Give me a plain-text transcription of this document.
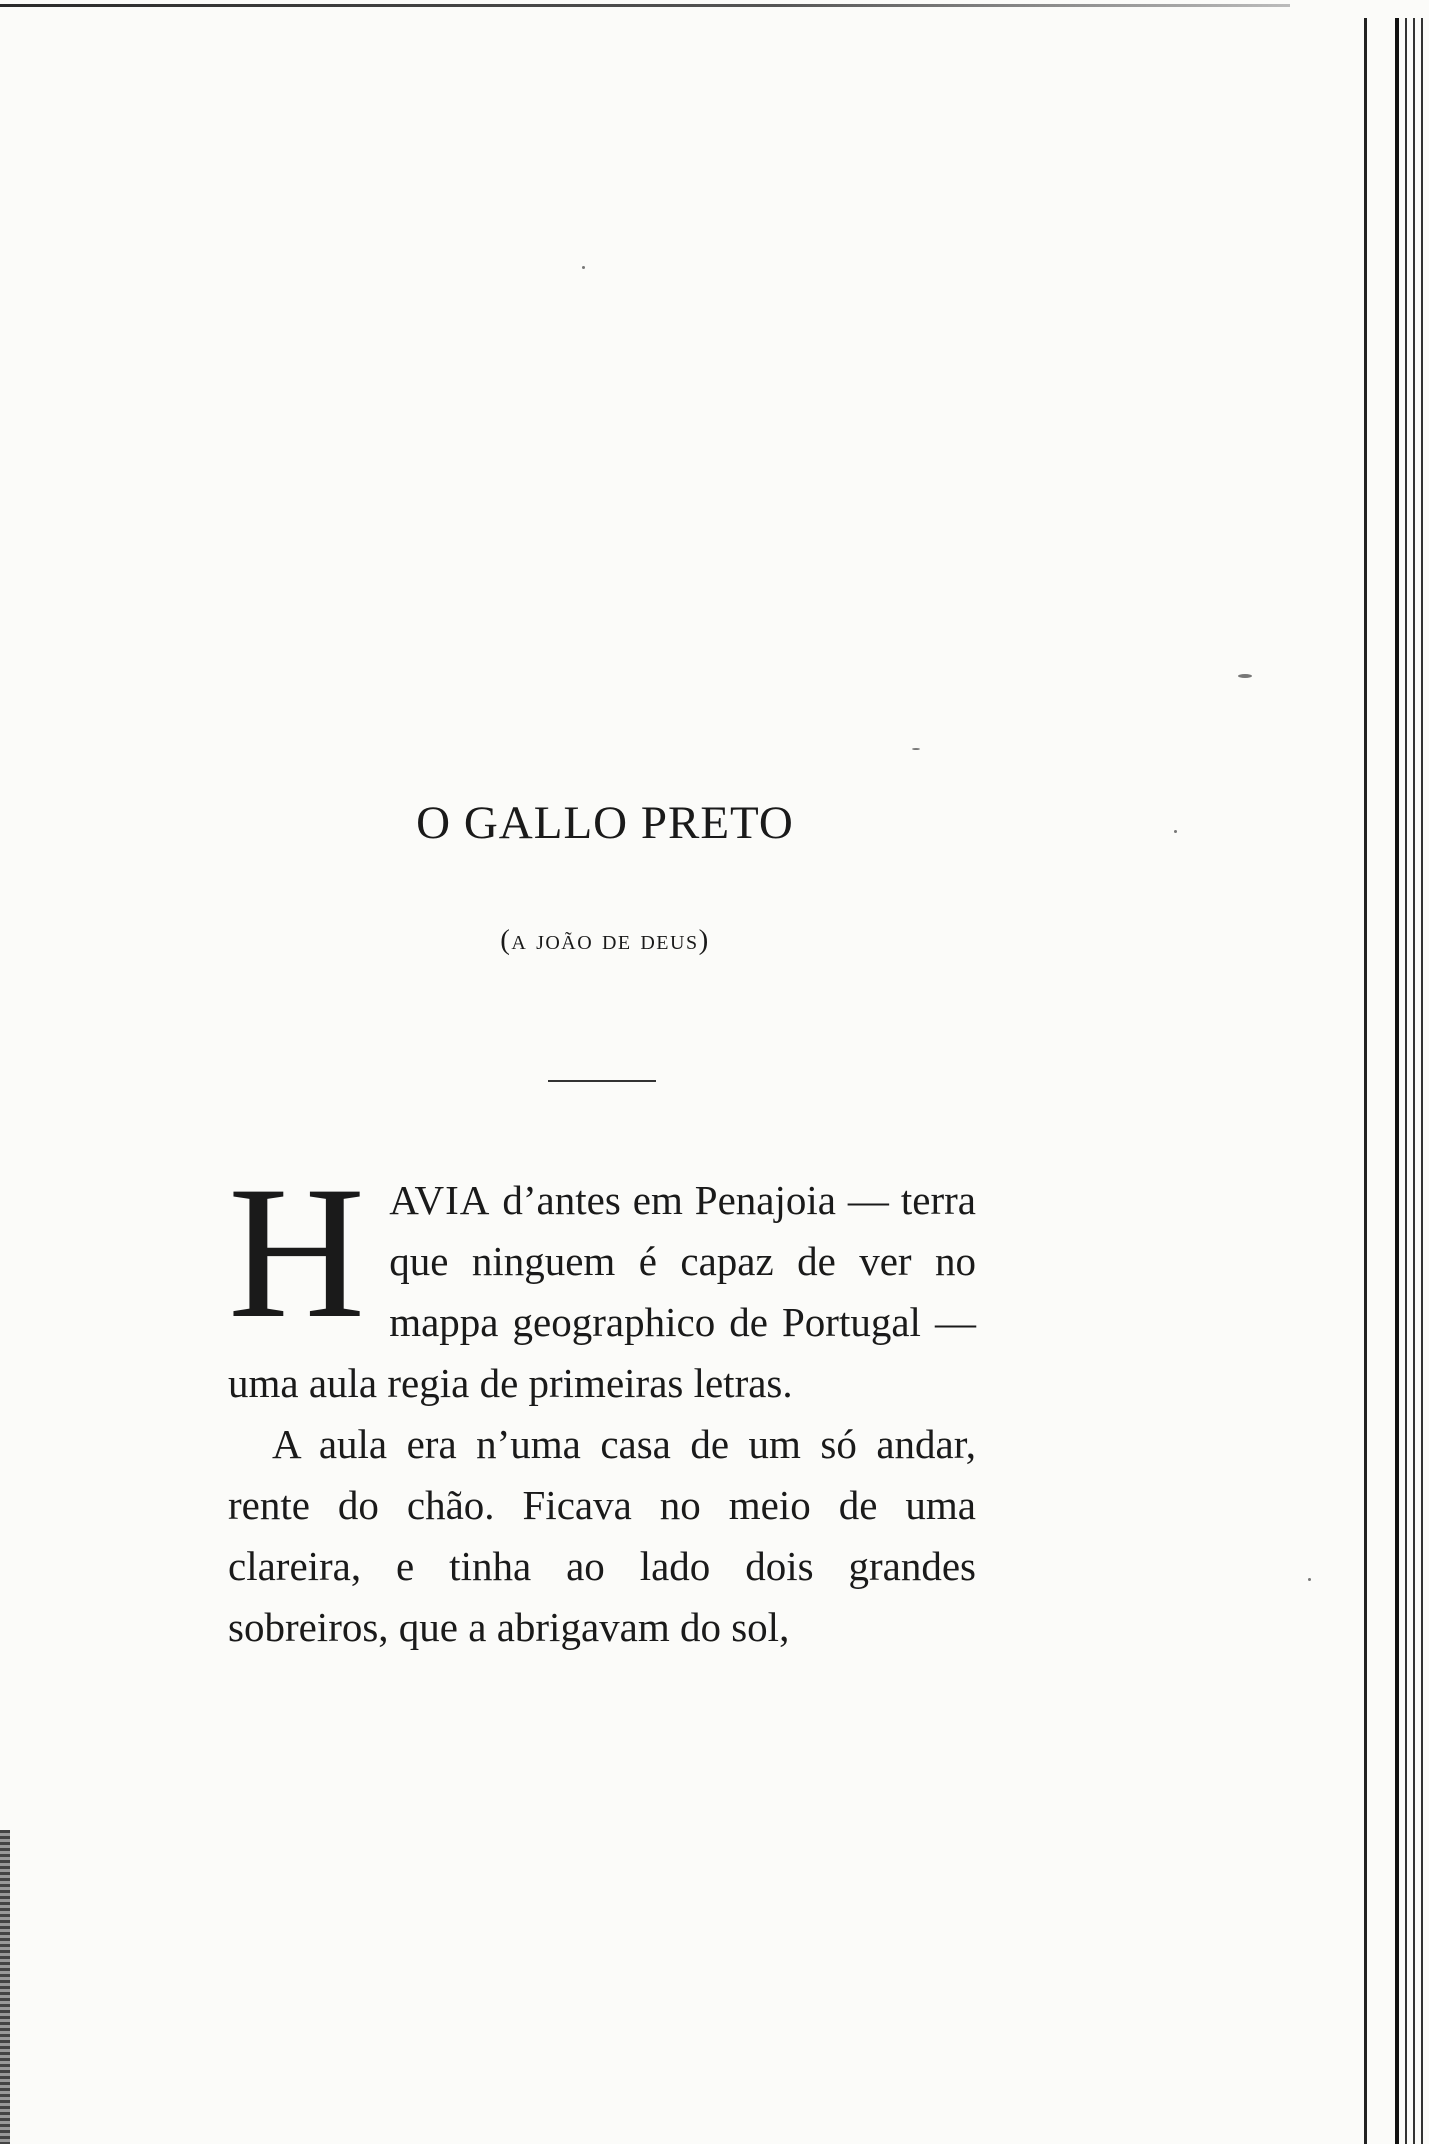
O GALLO PRETO
(a joão de deus)

HAVIA d’antes em Penajoia — terra que ninguem é capaz de ver no mappa geographico de Portugal — uma aula regia de primeiras letras.

A aula era n’uma casa de um só andar, rente do chão. Ficava no meio de uma clareira, e tinha ao lado dois grandes sobreiros, que a abrigavam do sol,
